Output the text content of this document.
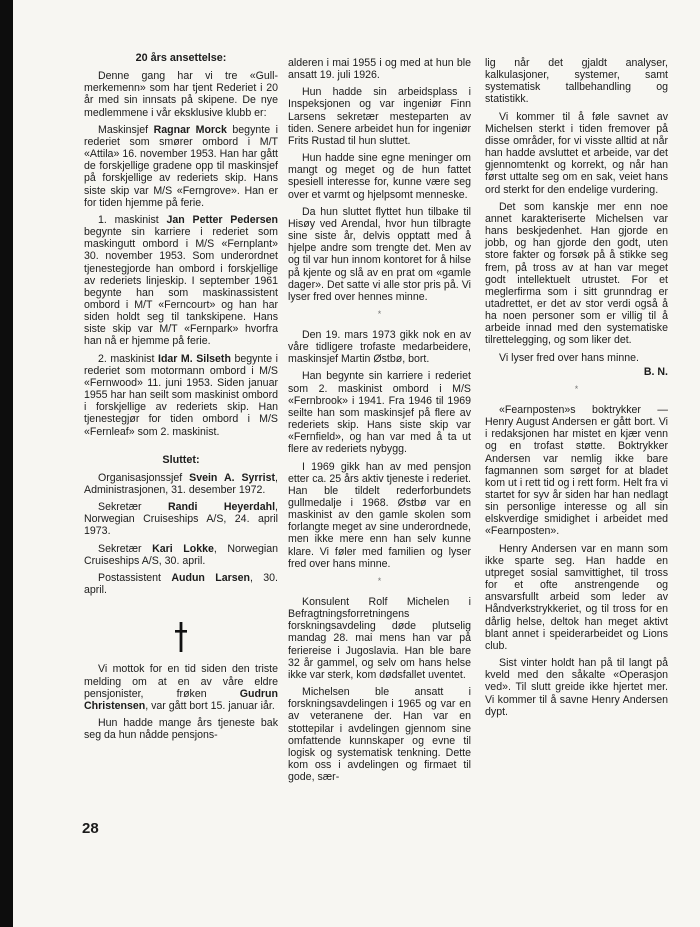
20 års ansettelse:

Denne gang har vi tre «Gull-merkemenn» som har tjent Rederiet i 20 år med sin innsats på skipene. De nye medlemmene i vår eksklusive klubb er:

Maskinsjef Ragnar Morck begynte i rederiet som smører ombord i M/T «Attila» 16. november 1953. Han har gått de forskjellige gradene opp til maskinsjef på forskjellige av rederiets skip. Hans siste skip var M/S «Ferngrove». Han er for tiden hjemme på ferie.

1. maskinist Jan Petter Pedersen begynte sin karriere i rederiet som maskingutt ombord i M/S «Fernplant» 30. november 1953. Som underordnet tjenestegjorde han ombord i forskjellige av rederiets linjeskip. I september 1961 begynte han som maskinassistent ombord i M/T «Ferncourt» og han har siden holdt seg til tankskipene. Hans siste skip var M/T «Fernpark» hvorfra han nå er hjemme på ferie.

2. maskinist Idar M. Silseth begynte i rederiet som motormann ombord i M/S «Fernwood» 11. juni 1953. Siden januar 1955 har han seilt som maskinist ombord i forskjellige av rederiets skip. Han tjenestegjør for tiden ombord i M/S «Fernleaf» som 2. maskinist.

Sluttet:

Organisasjonssjef Svein A. Syrrist, Administrasjonen, 31. desember 1972.

Sekretær Randi Heyerdahl, Norwegian Cruiseships A/S, 24. april 1973.

Sekretær Kari Lokke, Norwegian Cruiseships A/S, 30. april.

Postassistent Audun Larsen, 30. april.

Vi mottok for en tid siden den triste melding om at en av våre eldre pensjonister, frøken Gudrun Christensen, var gått bort 15. januar iår.

Hun hadde mange års tjeneste bak seg da hun nådde pensjons-

alderen i mai 1955 i og med at hun ble ansatt 19. juli 1926.

Hun hadde sin arbeidsplass i Inspeksjonen og var ingeniør Finn Larsens sekretær mesteparten av tiden. Senere arbeidet hun for ingeniør Frits Rustad til hun sluttet.

Hun hadde sine egne meninger om mangt og meget og de hun fattet spesiell interesse for, kunne være seg over et varmt og hjelpsomt menneske.

Da hun sluttet flyttet hun tilbake til Hisøy ved Arendal, hvor hun tilbragte sine siste år, delvis opptatt med å hjelpe andre som trengte det. Men av og til var hun innom kontoret for å hilse på kjente og slå av en prat om «gamle dager». Det satte vi alle stor pris på. Vi lyser fred over hennes minne.

*

Den 19. mars 1973 gikk nok en av våre tidligere trofaste medarbeidere, maskinsjef Martin Østbø, bort.

Han begynte sin karriere i rederiet som 2. maskinist ombord i M/S «Fernbrook» i 1941. Fra 1946 til 1969 seilte han som maskinsjef på flere av rederiets skip. Hans siste skip var «Fernfield», og han var med å ta ut flere av rederiets nybygg.

I 1969 gikk han av med pensjon etter ca. 25 års aktiv tjeneste i rederiet. Han ble tildelt rederforbundets gullmedalje i 1968. Østbø var en maskinist av den gamle skolen som forlangte meget av sine underordnede, men ikke mere enn han selv kunne klare. Vi føler med familien og lyser fred over hans minne.

*

Konsulent Rolf Michelen i Befragtningsforretningens forskningsavdeling døde plutselig mandag 28. mai mens han var på feriereise i Jugoslavia. Han ble bare 32 år gammel, og selv om hans helse ikke var sterk, kom dødsfallet uventet.

Michelsen ble ansatt i forskningsavdelingen i 1965 og var en av veteranene der. Han var en stottepilar i avdelingen gjennom sine omfattende kunnskaper og evne til logisk og systematisk tenkning. Dette kom oss i avdelingen og firmaet til gode, sær-

lig når det gjaldt analyser, kalkulasjoner, systemer, samt systematisk tallbehandling og statistikk.

Vi kommer til å føle savnet av Michelsen sterkt i tiden fremover på disse områder, for vi visste alltid at når han hadde avsluttet et arbeide, var det gjennomtenkt og korrekt, og når han først uttalte seg om en sak, veiet hans ord sterkt for den endelige vurdering.

Det som kanskje mer enn noe annet karakteriserte Michelsen var hans beskjedenhet. Han gjorde en jobb, og han gjorde den godt, uten store fakter og forsøk på å stikke seg frem, på tross av at han var meget godt intellektuelt utrustet. For et meglerfirma som i sitt grunndrag er utadrettet, er det av stor verdi også å ha noen personer som er villig til å arbeide innad med den systematiske tilrettelegging, og som liker det.

Vi lyser fred over hans minne.

B. N.

*

«Fearnposten»s boktrykker — Henry August Andersen er gått bort. Vi i redaksjonen har mistet en kjær venn og en trofast støtte. Boktrykker Andersen var nemlig ikke bare fagmannen som sørget for at bladet kom ut i rett tid og i rett form. Helt fra vi startet for syv år siden har han nedlagt sin personlige interesse og all sin elskverdige smidighet i arbeidet med «Fearnposten».

Henry Andersen var en mann som ikke sparte seg. Han hadde en utpreget sosial samvittighet, til tross for et ofte anstrengende og ansvarsfullt arbeid som leder av Håndverkstrykkeriet, og til tross for en dårlig helse, deltok han meget aktivt blant annet i speiderarbeidet og Lions club.

Sist vinter holdt han på til langt på kveld med den såkalte «Operasjon ved». Til slutt greide ikke hjertet mer. Vi kommer til å savne Henry Andersen dypt.

28
